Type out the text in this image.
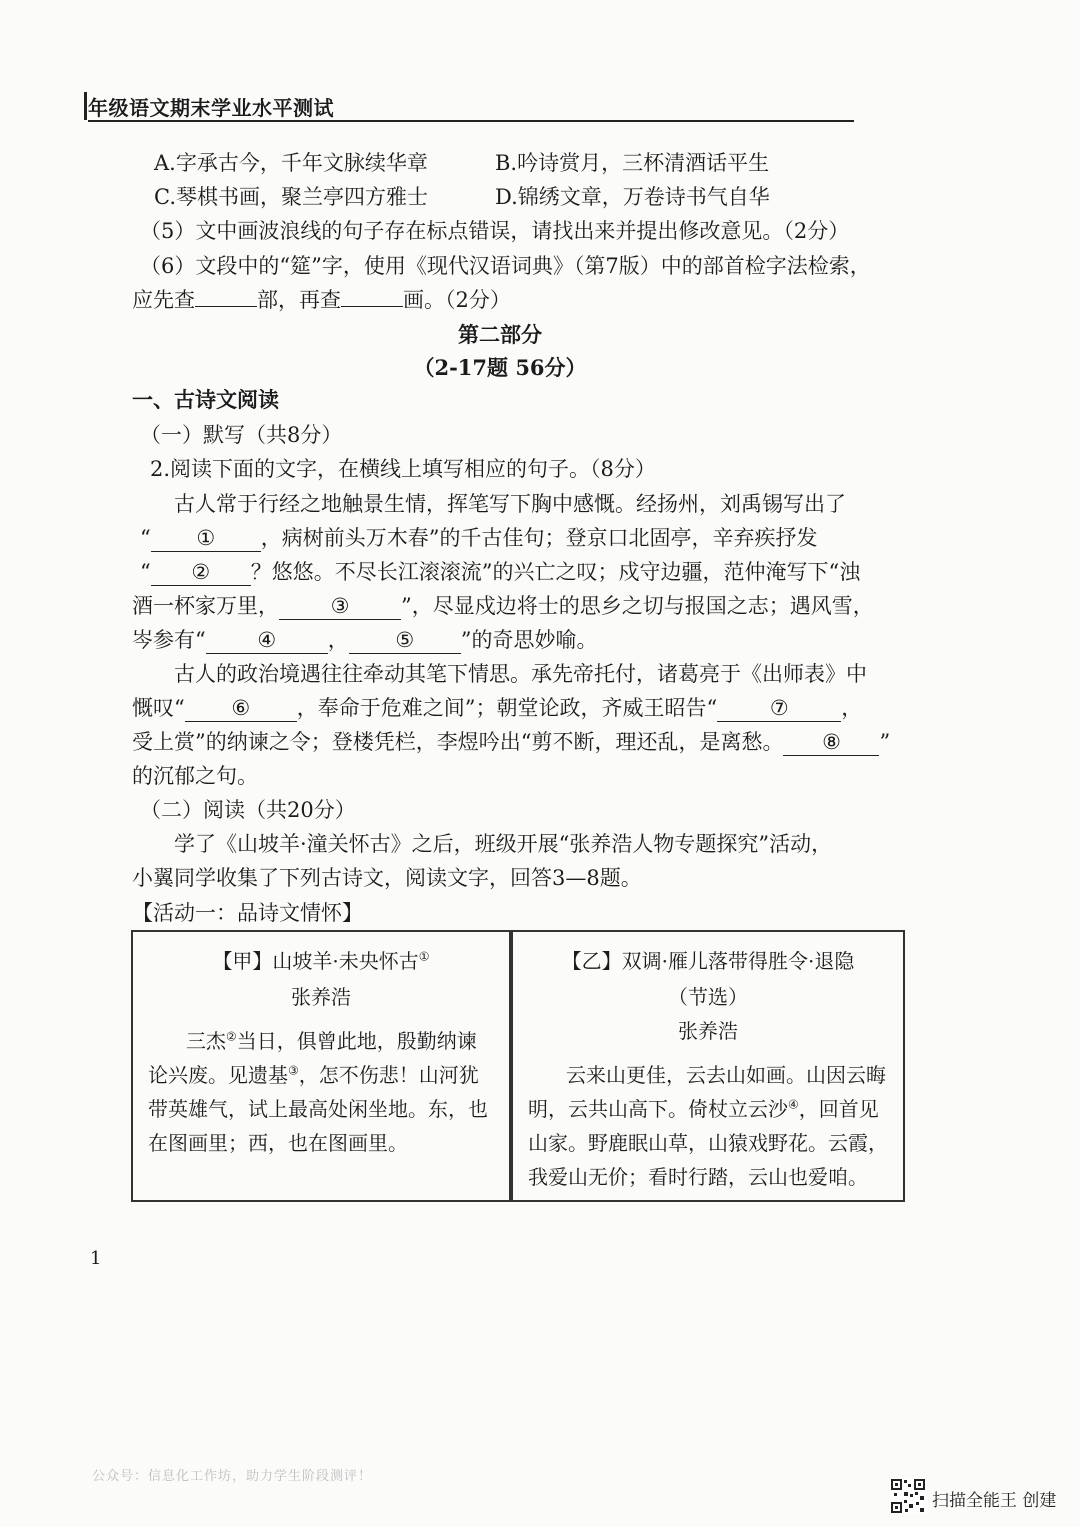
年级语文期末学业水平测试
A.字承古今，千年文脉续华章	B.吟诗赏月，三杯清酒话平生
C.琴棋书画，聚兰亭四方雅士	D.锦绣文章，万卷诗书气自华
（5）文中画波浪线的句子存在标点错误，请找出来并提出修改意见。（2分）
（6）文段中的“筵”字，使用《现代汉语词典》（第7版）中的部首检字法检索，
应先查	部，再查	画。（2分）
第二部分
（2-17题 56分）
一、古诗文阅读
（一）默写（共8分）
2.阅读下面的文字，在横线上填写相应的句子。（8分）
古人常于行经之地触景生情，挥笔写下胸中感慨。经扬州，刘禹锡写出了
“ ① ，病树前头万木春”的千古佳句；登京口北固亭，辛弃疾抒发
“ ② ？悠悠。不尽长江滚滚流”的兴亡之叹；戍守边疆，范仲淹写下“浊
酒一杯家万里， ③ ”，尽显戍边将士的思乡之切与报国之志；遇风雪，
岑参有“ ④ ， ⑤ ”的奇思妙喻。
古人的政治境遇往往牵动其笔下情思。承先帝托付，诸葛亮于《出师表》中
慨叹“ ⑥ ，奉命于危难之间”；朝堂论政，齐威王昭告“	⑦	，
受上赏”的纳谏之令；登楼凭栏，李煜吟出“剪不断，理还乱，是离愁。 ⑧ ”
的沉郁之句。
（二）阅读（共20分）
学了《山坡羊·潼关怀古》之后，班级开展“张养浩人物专题探究”活动，
小翼同学收集了下列古诗文，阅读文字，回答3—8题。
【活动一：品诗文情怀】
【甲】山坡羊·未央怀古①
张养浩
三杰②当日，俱曾此地，殷勤纳谏
论兴废。见遗基③，怎不伤悲！山河犹
带英雄气，试上最高处闲坐地。东，也
在图画里；西，也在图画里。
【乙】双调·雁儿落带得胜令·退隐
（节选）
张养浩
云来山更佳，云去山如画。山因云晦
明，云共山高下。倚杖立云沙④，回首见
山家。野鹿眠山草，山猿戏野花。云霞，
我爱山无价；看时行踏，云山也爱咱。
1
公众号：信息化工作坊，助力学生阶段测评！
扫描全能王 创建
